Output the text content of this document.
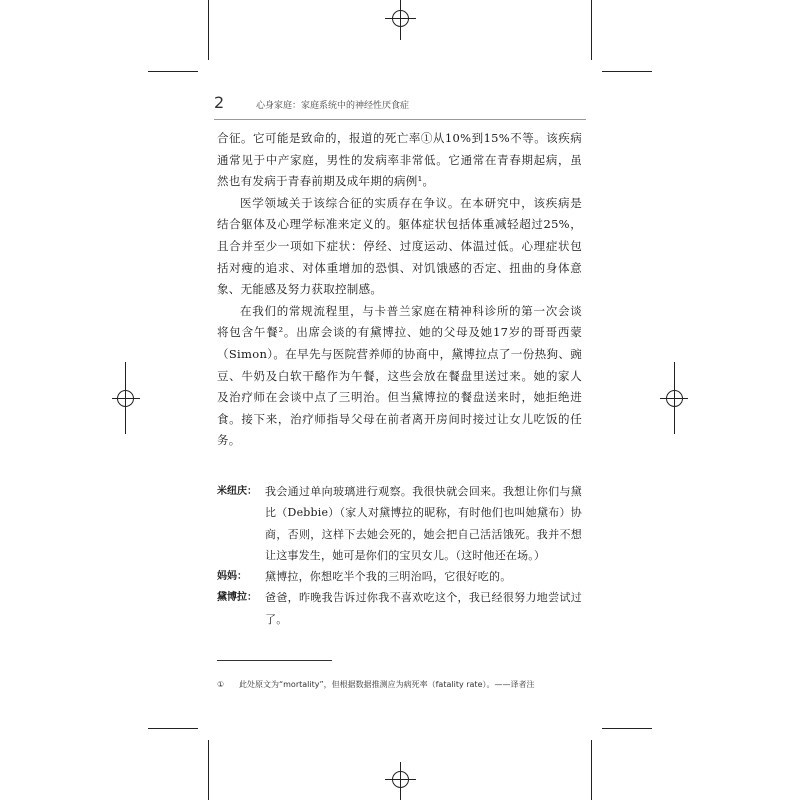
2	心身家庭：家庭系统中的神经性厌食症

合征。它可能是致命的，报道的死亡率①从10%到15%不等。该疾病通常见于中产家庭，男性的发病率非常低。它通常在青春期起病，虽然也有发病于青春前期及成年期的病例¹。

医学领域关于该综合征的实质存在争议。在本研究中，该疾病是结合躯体及心理学标准来定义的。躯体症状包括体重减轻超过25%，且合并至少一项如下症状：停经、过度运动、体温过低。心理症状包括对瘦的追求、对体重增加的恐惧、对饥饿感的否定、扭曲的身体意象、无能感及努力获取控制感。

在我们的常规流程里，与卡普兰家庭在精神科诊所的第一次会谈将包含午餐²。出席会谈的有黛博拉、她的父母及她17岁的哥哥西蒙（Simon）。在早先与医院营养师的协商中，黛博拉点了一份热狗、豌豆、牛奶及白软干酪作为午餐，这些会放在餐盘里送过来。她的家人及治疗师在会谈中点了三明治。但当黛博拉的餐盘送来时，她拒绝进食。接下来，治疗师指导父母在前者离开房间时接过让女儿吃饭的任务。

米纽庆： 我会通过单向玻璃进行观察。我很快就会回来。我想让你们与黛比（Debbie）（家人对黛博拉的昵称，有时他们也叫她黛布）协商，否则，这样下去她会死的，她会把自己活活饿死。我并不想让这事发生，她可是你们的宝贝女儿。（这时他还在场。）
妈妈：	黛博拉，你想吃半个我的三明治吗，它很好吃的。
黛博拉： 爸爸，昨晚我告诉过你我不喜欢吃这个，我已经很努力地尝试过了。
① 此处原文为“mortality”，但根据数据推测应为病死率（fatality rate）。——译者注
